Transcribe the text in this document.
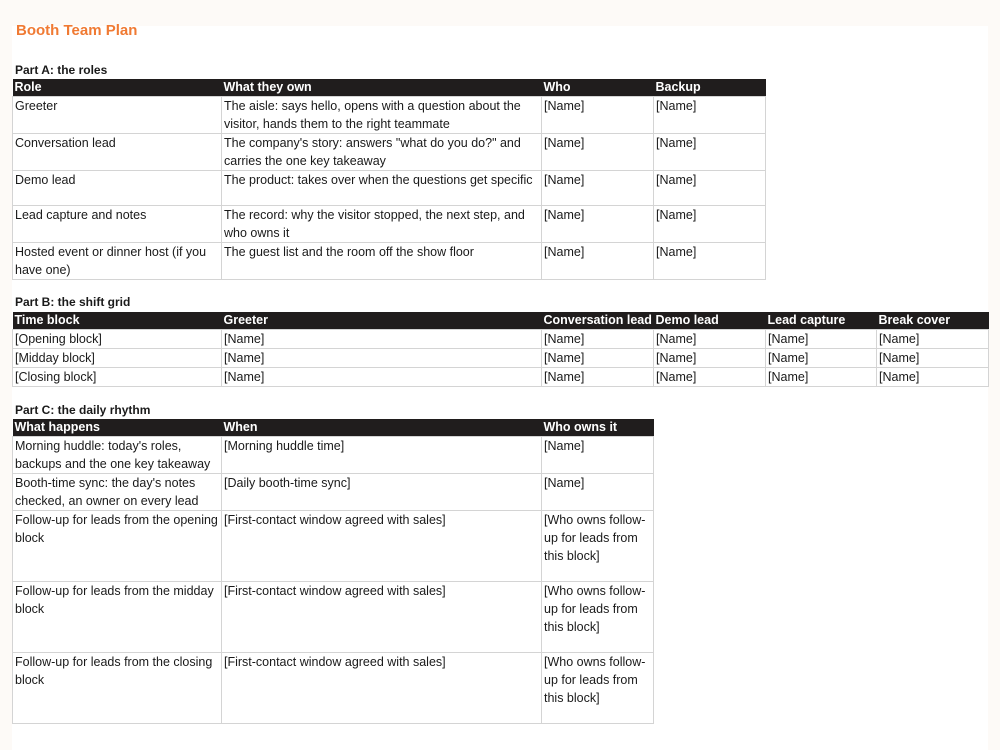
Booth Team Plan
Part A: the roles
Role	What they own	Who	Backup
Greeter	The aisle: says hello, opens with a question about the visitor, hands them to the right teammate	[Name]	[Name]
Conversation lead	The company's story: answers "what do you do?" and carries the one key takeaway	[Name]	[Name]
Demo lead	The product: takes over when the questions get specific	[Name]	[Name]
Lead capture and notes	The record: why the visitor stopped, the next step, and who owns it	[Name]	[Name]
Hosted event or dinner host (if you have one)	The guest list and the room off the show floor	[Name]	[Name]
Part B: the shift grid
Time block	Greeter	Conversation lead	Demo lead	Lead capture	Break cover
[Opening block]	[Name]	[Name]	[Name]	[Name]	[Name]
[Midday block]	[Name]	[Name]	[Name]	[Name]	[Name]
[Closing block]	[Name]	[Name]	[Name]	[Name]	[Name]
Part C: the daily rhythm
What happens	When	Who owns it
Morning huddle: today's roles, backups and the one key takeaway	[Morning huddle time]	[Name]
Booth-time sync: the day's notes checked, an owner on every lead	[Daily booth-time sync]	[Name]
Follow-up for leads from the opening block	[First-contact window agreed with sales]	[Who owns follow-up for leads from this block]
Follow-up for leads from the midday block	[First-contact window agreed with sales]	[Who owns follow-up for leads from this block]
Follow-up for leads from the closing block	[First-contact window agreed with sales]	[Who owns follow-up for leads from this block]
